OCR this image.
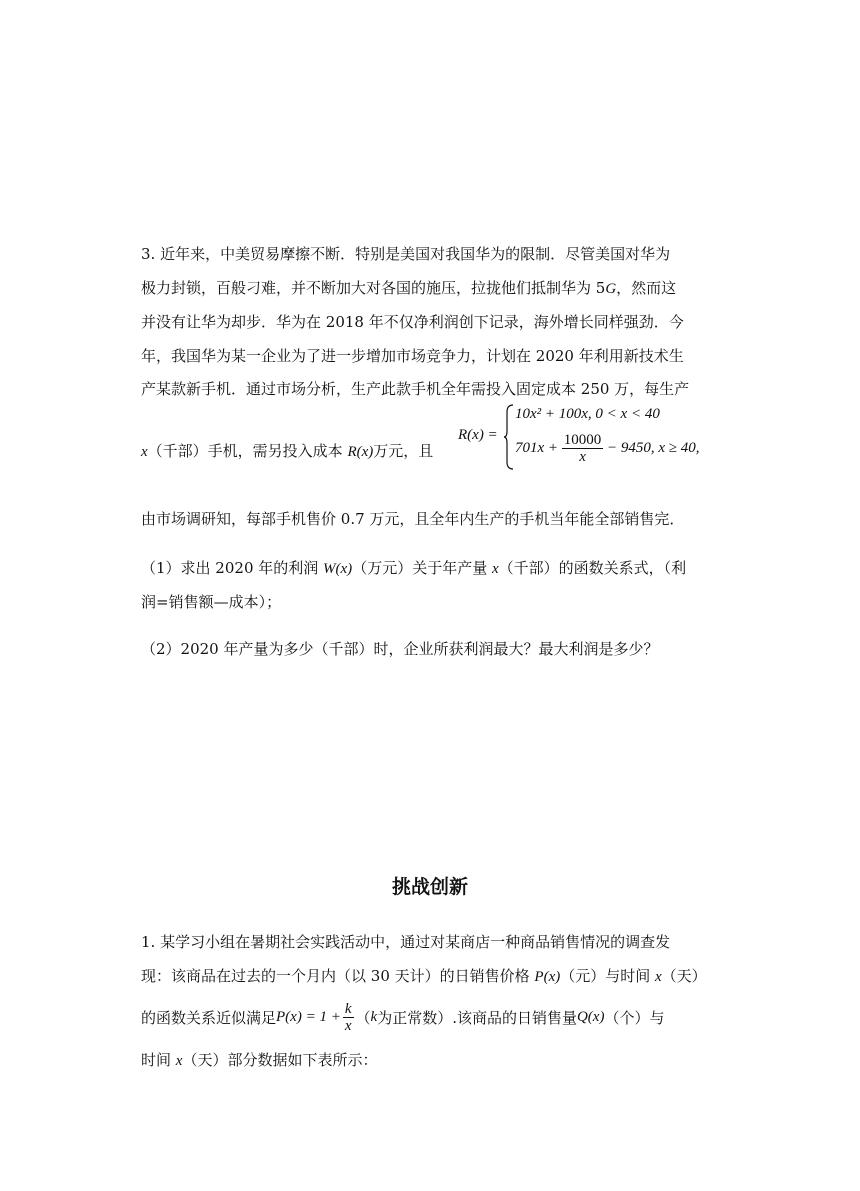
3. 近年来，中美贸易摩擦不断．特别是美国对我国华为的限制．尽管美国对华为
极力封锁，百般刁难，并不断加大对各国的施压，拉拢他们抵制华为 5G，然而这
并没有让华为却步．华为在 2018 年不仅净利润创下记录，海外增长同样强劲．今
年，我国华为某一企业为了进一步增加市场竞争力，计划在 2020 年利用新技术生
产某款新手机．通过市场分析，生产此款手机全年需投入固定成本 250 万，每生产
x（千部）手机，需另投入成本 R(x)万元，且
R(x) =
10x² + 100x, 0 < x < 40
$701x + \frac{10000}{x} - 9450$, x ≥ 40,
由市场调研知，每部手机售价 0.7 万元，且全年内生产的手机当年能全部销售完．
（1）求出 2020 年的利润 W(x)（万元）关于年产量 x（千部）的函数关系式，（利
润=销售额—成本）；
（2）2020 年产量为多少（千部）时，企业所获利润最大？最大利润是多少？
挑战创新
1. 某学习小组在暑期社会实践活动中，通过对某商店一种商品销售情况的调查发
现：该商品在过去的一个月内（以 30 天计）的日销售价格 P(x)（元）与时间 x（天）
的函数关系近似满足 $P(x) = 1 + \frac{k}{x}$ （ k 为正常数）.该商品的日销售量 Q(x) （个）与
时间 x（天）部分数据如下表所示：
